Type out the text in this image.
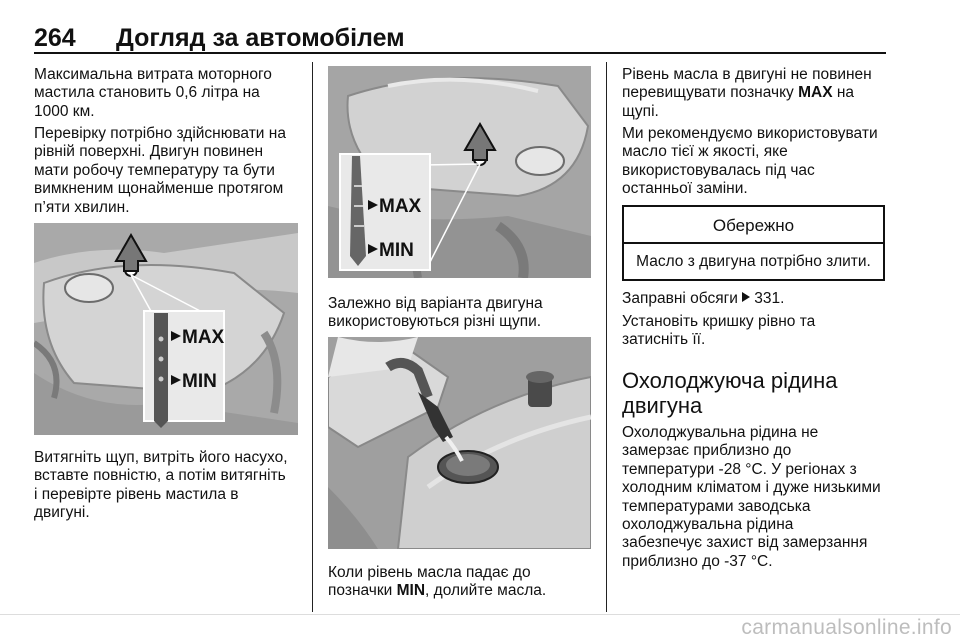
264 Догляд за автомобілем
Максимальна витрата моторного
мастила становить 0,6 літра на
1000 км.
Перевірку потрібно здійснювати на
рівній поверхні. Двигун повинен
мати робочу температуру та бути
вимкненим щонайменше протягом
п’яти хвилин.
MAX
MIN
Витягніть щуп, витріть його насухо,
вставте повністю, а потім витягніть
і перевірте рівень мастила в
двигуні.
MAX
MIN
Залежно від варіанта двигуна
використовуються різні щупи.
Коли рівень масла падає до
позначки MIN, долийте масла.
Рівень масла в двигуні не повинен
перевищувати позначку MAX на
щупі.
Ми рекомендуємо використовувати
масло тієї ж якості, яке
використовувалась під час
останньої заміни.
Обережно
Масло з двигуна потрібно злити.
Заправні обсяги 331.
Установіть кришку рівно та
затисніть її.
Охолоджуюча рідина
двигуна
Охолоджувальна рідина не
замерзає приблизно до
температури -28 °C. У регіонах з
холодним кліматом і дуже низькими
температурами заводська
охолоджувальна рідина
забезпечує захист від замерзання
приблизно до -37 °C.
carmanualsonline.info
